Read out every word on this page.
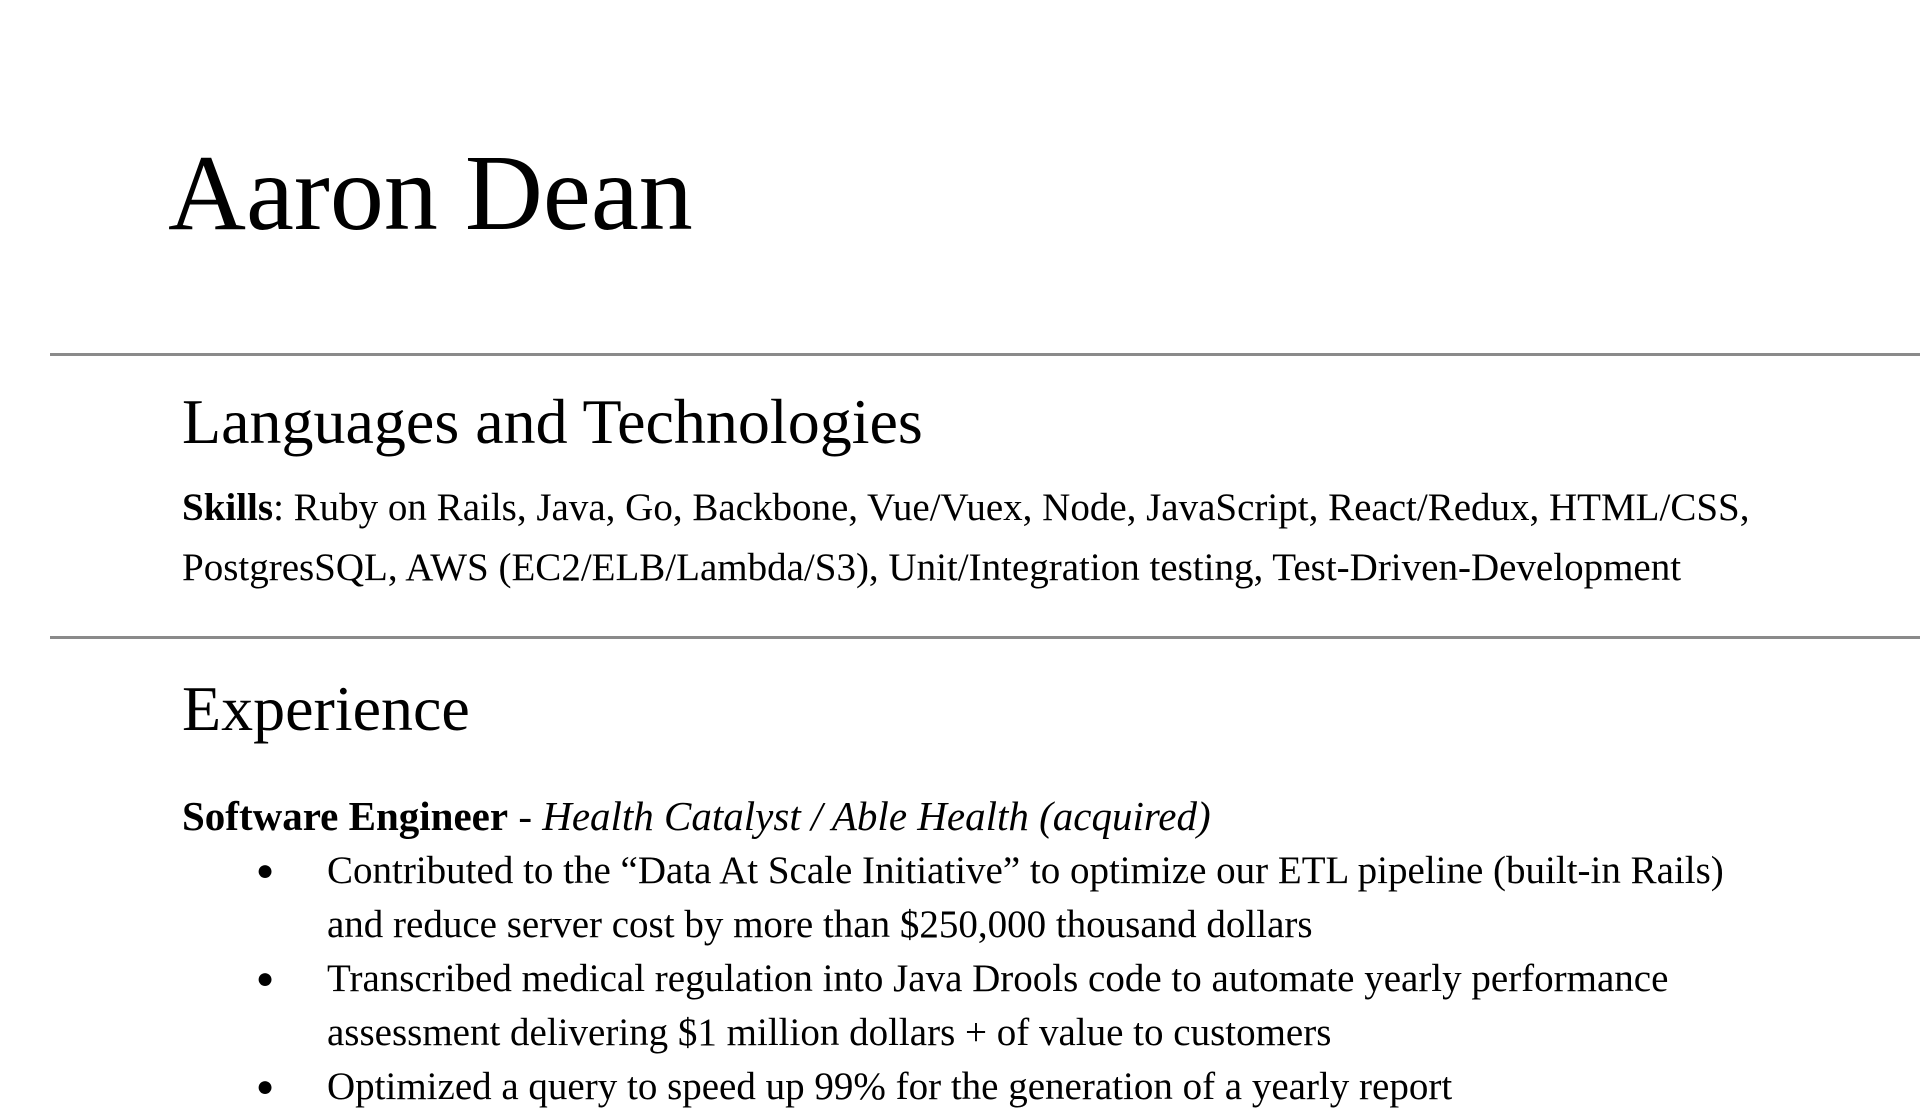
Aaron Dean
Languages and Technologies

Skills: Ruby on Rails, Java, Go, Backbone, Vue/Vuex, Node, JavaScript, React/Redux, HTML/CSS,
PostgresSQL, AWS (EC2/ELB/Lambda/S3), Unit/Integration testing, Test-Driven-Development

Experience

Software Engineer - Health Catalyst / Able Health (acquired)

● Contributed to the “Data At Scale Initiative” to optimize our ETL pipeline (built-in Rails)
and reduce server cost by more than $250,000 thousand dollars
● Transcribed medical regulation into Java Drools code to automate yearly performance
assessment delivering $1 million dollars + of value to customers
● Optimized a query to speed up 99% for the generation of a yearly report
